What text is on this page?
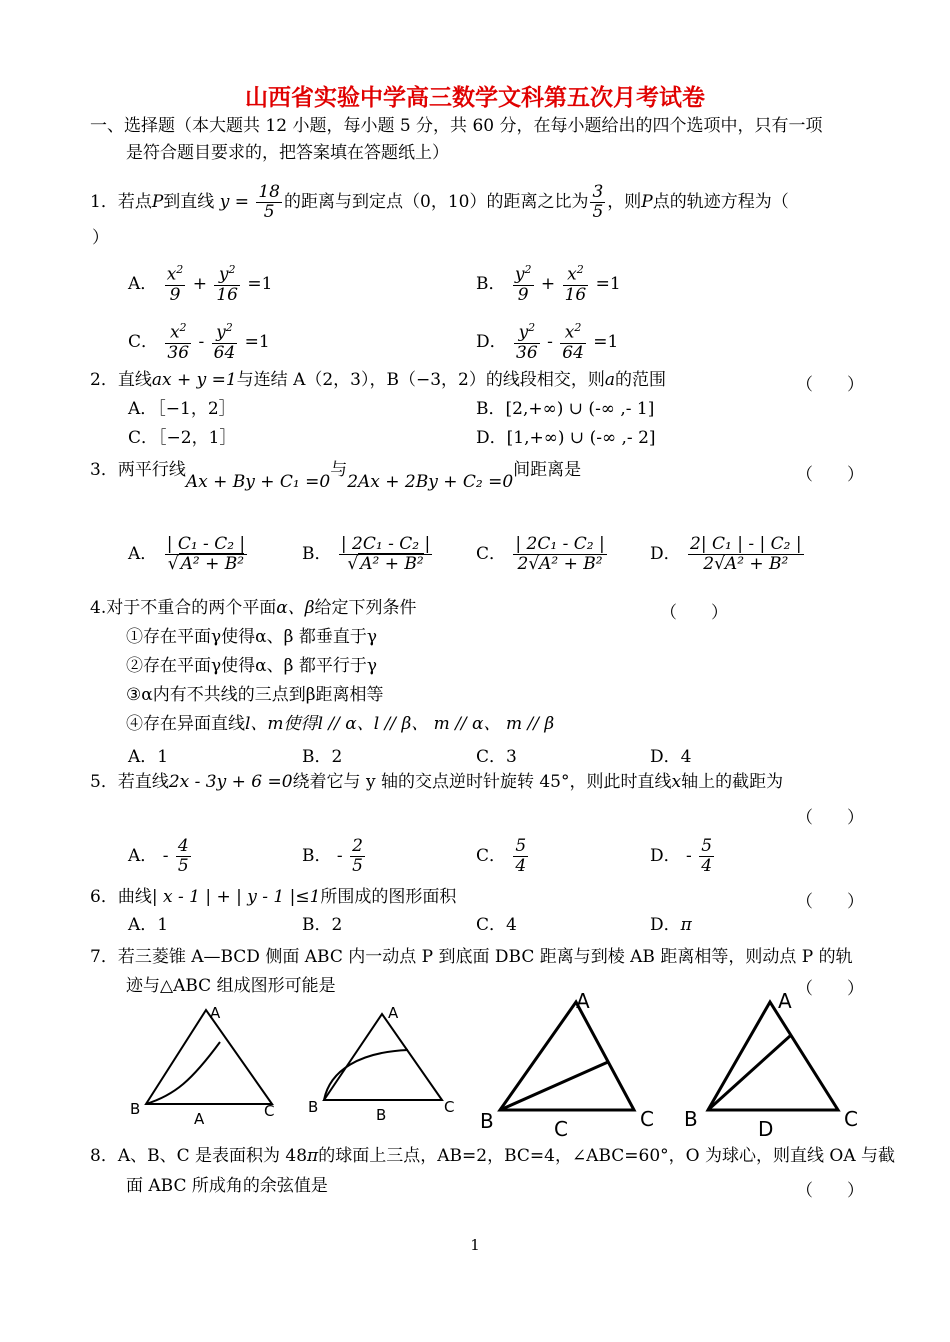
山西省实验中学高三数学文科第五次月考试卷
一、选择题（本大题共 12 小题，每小题 5 分，共 60 分，在每小题给出的四个选项中，只有一项
是符合题目要求的，把答案填在答题纸上）
1．若点P到直线 $y = \frac{18}{5}$ 的距离与到定点（0，10）的距离之比为 $\frac{3}{5}$ ，则P点的轨迹方程为（
）
A． $\frac{x^2}{9} + \frac{y^2}{16} =1$	B． $\frac{y^2}{9} + \frac{x^2}{16} =1$
C． $\frac{x^2}{36} - \frac{y^2}{64} =1$	D． $\frac{y^2}{36} - \frac{x^2}{64} =1$
2．直线ax + y =1与连结 A（2，3），B（−3，2）的线段相交，则a的范围	（　　）
A．［−1，2］	B．[2,+∞) ∪ (-∞ ,- 1]
C．［−2，1］	D．[1,+∞) ∪ (-∞ ,- 2]
3．两平行线Ax + By + C₁ =0与2Ax + 2By + C₂ =0间距离是	（　　）
A． $\frac{\text{| C₁ - C₂ |}}{\text{√ A² + B²}}$	B． $\frac{\text{| 2C₁ - C₂ |}}{\text{√ A² + B²}}$	C． $\frac{\text{| 2C₁ - C₂ |}}{\text{2√A² + B²}}$	D． $\frac{\text{2| C₁ | - | C₂ |}}{\text{2√A² + B²}}$
4.对于不重合的两个平面α、β给定下列条件	（　　）
①存在平面γ使得α、β 都垂直于γ
②存在平面γ使得α、β 都平行于γ
③α内有不共线的三点到β距离相等
④存在异面直线l、m使得l // α、l // β、 m // α、 m // β
A．1	B．2	C．3	D．4
5．若直线2x - 3y + 6 =0绕着它与 y 轴的交点逆时针旋转 45°，则此时直线x轴上的截距为
（　　）
A． - $\frac{4}{5}$	B． - $\frac{2}{5}$	C． $\frac{5}{4}$	D． - $\frac{5}{4}$
6．曲线| x - 1 | + | y - 1 |≤1所围成的图形面积	（　　）
A．1	B．2	C．4	D．π
7．若三菱锥 A—BCD 侧面 ABC 内一动点 P 到底面 DBC 距离与到棱 AB 距离相等，则动点 P 的轨
迹与△ABC 组成图形可能是	（　　）
A
B	C
A
A
B	C
B
A
B	C
C
A
B	C
D
8．A、B、C 是表面积为 48π的球面上三点，AB=2，BC=4，∠ABC=60°，O 为球心，则直线 OA 与截
面 ABC 所成角的余弦值是	（　　）
1
